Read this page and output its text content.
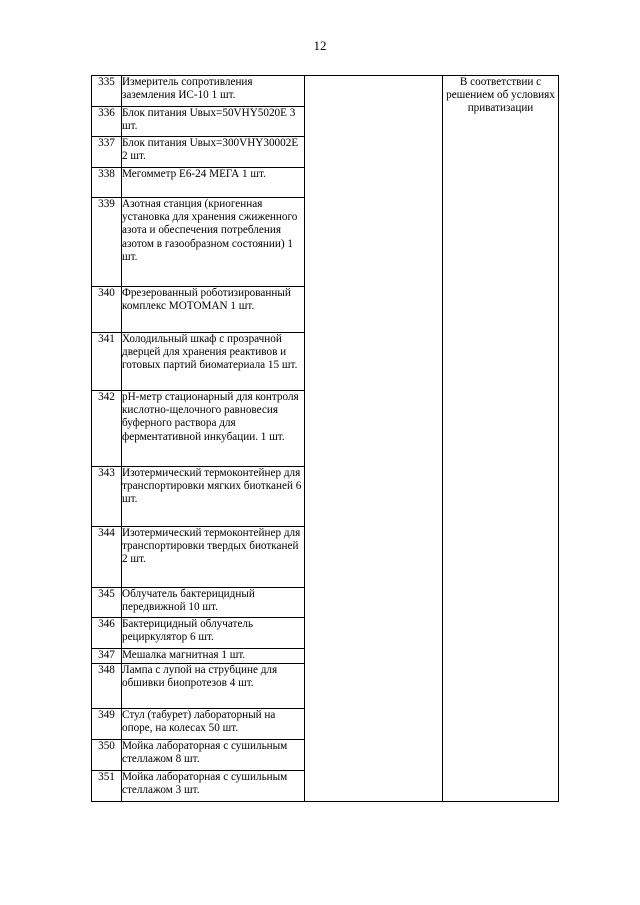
12
335	Измеритель сопротивления заземления ИС-10 1 шт.		В соответствии с решением об условиях приватизации
336	Блок питания Uвых=50VHY5020E 3 шт.		
337	Блок питания Uвых=300VHY30002E 2 шт.		
338	Мегомметр Е6-24 МЕГА 1 шт.		
339	Азотная станция (криогенная установка для хранения сжиженного азота и обеспечения потребления азотом в газообразном состоянии) 1 шт.		
340	Фрезерованный роботизированный комплекс MOTOMAN 1 шт.		
341	Холодильный шкаф с прозрачной дверцей для хранения реактивов и готовых партий биоматериала 15 шт.		
342	pH-метр стационарный для контроля кислотно-щелочного равновесия буферного раствора для ферментативной инкубации. 1 шт.		
343	Изотермический термоконтейнер для транспортировки мягких биотканей 6 шт.		
344	Изотермический термоконтейнер для транспортировки твердых биотканей 2 шт.		
345	Облучатель бактерицидный передвижной 10 шт.		
346	Бактерицидный облучатель рециркулятор 6 шт.		
347	Мешалка магнитная 1 шт.		
348	Лампа с лупой на струбцине для обшивки биопротезов 4 шт.		
349	Стул (табурет) лабораторный на опоре, на колесах 50 шт.		
350	Мойка лабораторная с сушильным стеллажом 8 шт.		
351	Мойка лабораторная с сушильным стеллажом 3 шт.		
